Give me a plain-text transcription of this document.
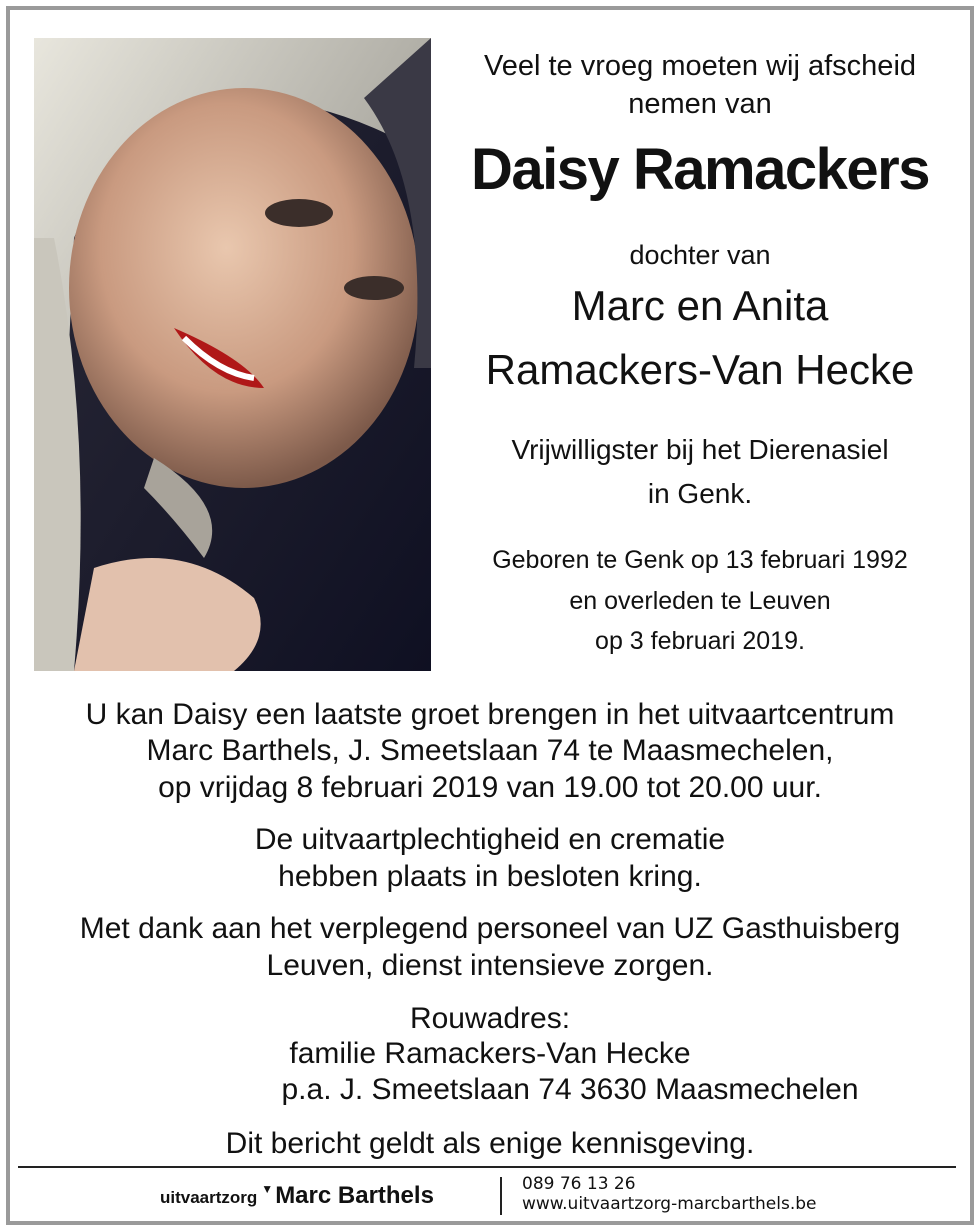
Veel te vroeg moeten wij afscheid
nemen van
Daisy Ramackers
dochter van
Marc en Anita
Ramackers-Van Hecke
Vrijwilligster bij het Dierenasiel
in Genk.
Geboren te Genk op 13 februari 1992
en overleden te Leuven
op 3 februari 2019.
U kan Daisy een laatste groet brengen in het uitvaartcentrum
Marc Barthels, J. Smeetslaan 74 te Maasmechelen,
op vrijdag 8 februari 2019 van 19.00 tot 20.00 uur.
De uitvaartplechtigheid en crematie
hebben plaats in besloten kring.
Met dank aan het verplegend personeel van UZ Gasthuisberg
Leuven, dienst intensieve zorgen.
Rouwadres:
familie Ramackers-Van Hecke
p.a. J. Smeetslaan 74 3630 Maasmechelen
Dit bericht geldt als enige kennisgeving.
uitvaartzorg ▼Marc Barthels	089 76 13 26
www.uitvaartzorg-marcbarthels.be
